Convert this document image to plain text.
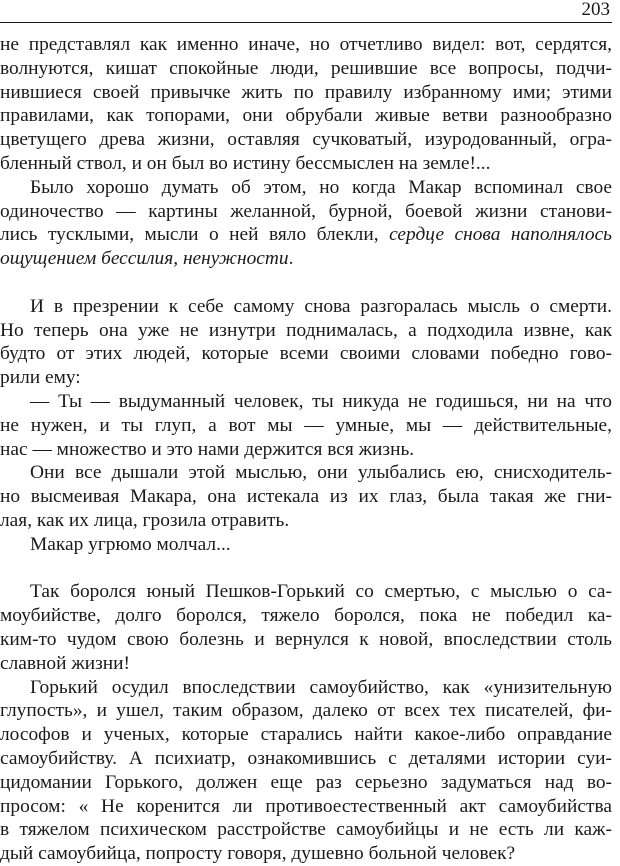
203
не представлял как именно иначе, но отчетливо видел: вот, сердятся,
волнуются, кишат спокойные люди, решившие все вопросы, подчи-
нившиеся своей привычке жить по правилу избранному ими; этими
правилами, как топорами, они обрубали живые ветви разнообразно
цветущего древа жизни, оставляя сучковатый, изуродованный, огра-
бленный ствол, и он был во истину бессмыслен на земле!...
Было хорошо думать об этом, но когда Макар вспоминал свое
одиночество — картины желанной, бурной, боевой жизни станови-
лись тусклыми, мысли о ней вяло блекли, сердце снова наполнялось
ощущением бессилия, ненужности.
И в презрении к себе самому снова разгоралась мысль о смерти.
Но теперь она уже не изнутри поднималась, а подходила извне, как
будто от этих людей, которые всеми своими словами победно гово-
рили ему:
— Ты — выдуманный человек, ты никуда не годишься, ни на что
не нужен, и ты глуп, а вот мы — умные, мы — действительные,
нас — множество и это нами держится вся жизнь.
Они все дышали этой мыслью, они улыбались ею, снисходитель-
но высмеивая Макара, она истекала из их глаз, была такая же гни-
лая, как их лица, грозила отравить.
Макар угрюмо молчал...
Так боролся юный Пешков-Горький со смертью, с мыслью о са-
моубийстве, долго боролся, тяжело боролся, пока не победил ка-
ким-то чудом свою болезнь и вернулся к новой, впоследствии столь
славной жизни!
Горький осудил впоследствии самоубийство, как «унизительную
глупость», и ушел, таким образом, далеко от всех тех писателей, фи-
лософов и ученых, которые старались найти какое-либо оправдание
самоубийству. А психиатр, ознакомившись с деталями истории суи-
цидомании Горького, должен еще раз серьезно задуматься над во-
просом: « Не коренится ли противоестественный акт самоубийства
в тяжелом психическом расстройстве самоубийцы и не есть ли каж-
дый самоубийца, попросту говоря, душевно больной человек?
